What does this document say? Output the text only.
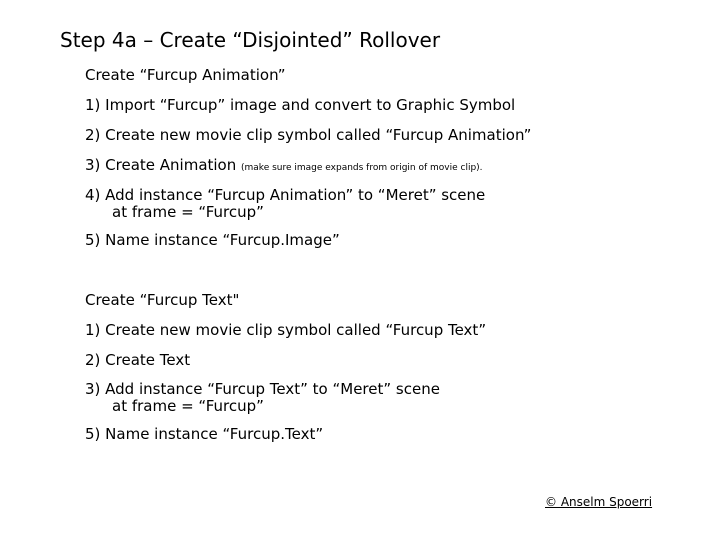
Step 4a – Create “Disjointed” Rollover
Create “Furcup Animation”
1) Import “Furcup” image and convert to Graphic Symbol
2) Create new movie clip symbol called “Furcup Animation”
3) Create Animation (make sure image expands from origin of movie clip).
4) Add instance “Furcup Animation” to “Meret” scene
at frame = “Furcup”
5) Name instance “Furcup.Image”
Create “Furcup Text"
1) Create new movie clip symbol called “Furcup Text”
2) Create Text
3) Add instance “Furcup Text” to “Meret” scene
at frame = “Furcup”
5) Name instance “Furcup.Text”
© Anselm Spoerri
